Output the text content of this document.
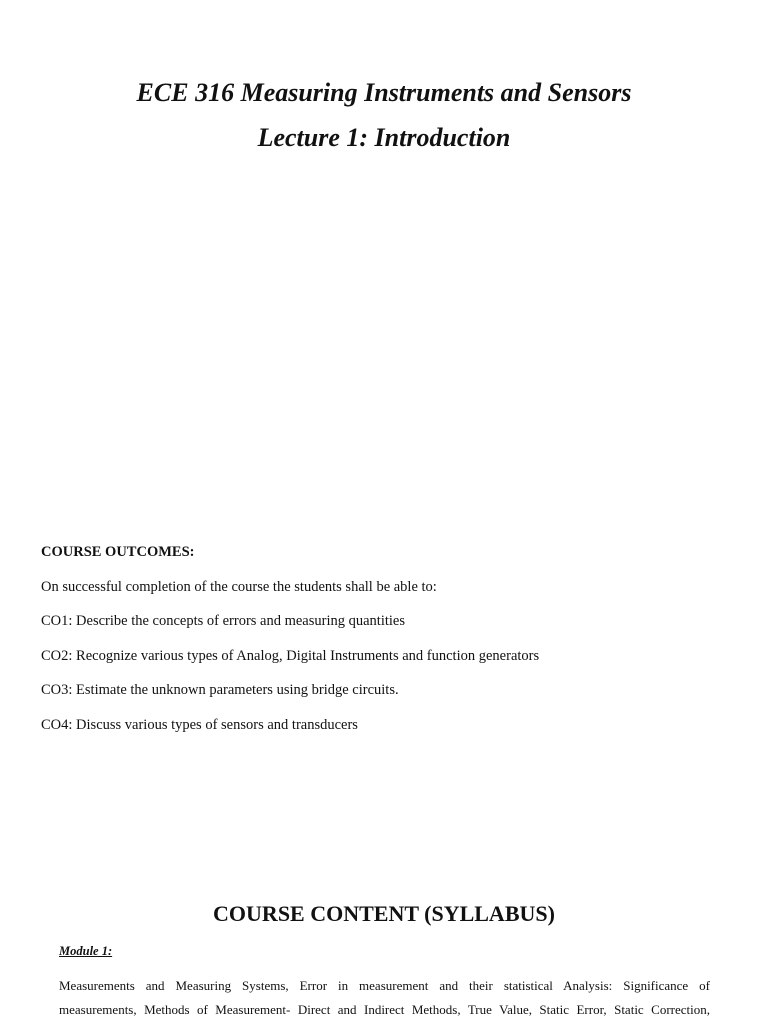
ECE 316 Measuring Instruments and Sensors
Lecture 1: Introduction
COURSE OUTCOMES:
On successful completion of the course the students shall be able to:
CO1: Describe the concepts of errors and measuring quantities
CO2: Recognize various types of Analog, Digital Instruments and function generators
CO3: Estimate the unknown parameters using bridge circuits.
CO4: Discuss various types of sensors and transducers
COURSE CONTENT (SYLLABUS)
Module 1:
Measurements and Measuring Systems, Error in measurement and their statistical Analysis: Significance of
measurements, Methods of Measurement- Direct and Indirect Methods, True Value, Static Error, Static Correction,
